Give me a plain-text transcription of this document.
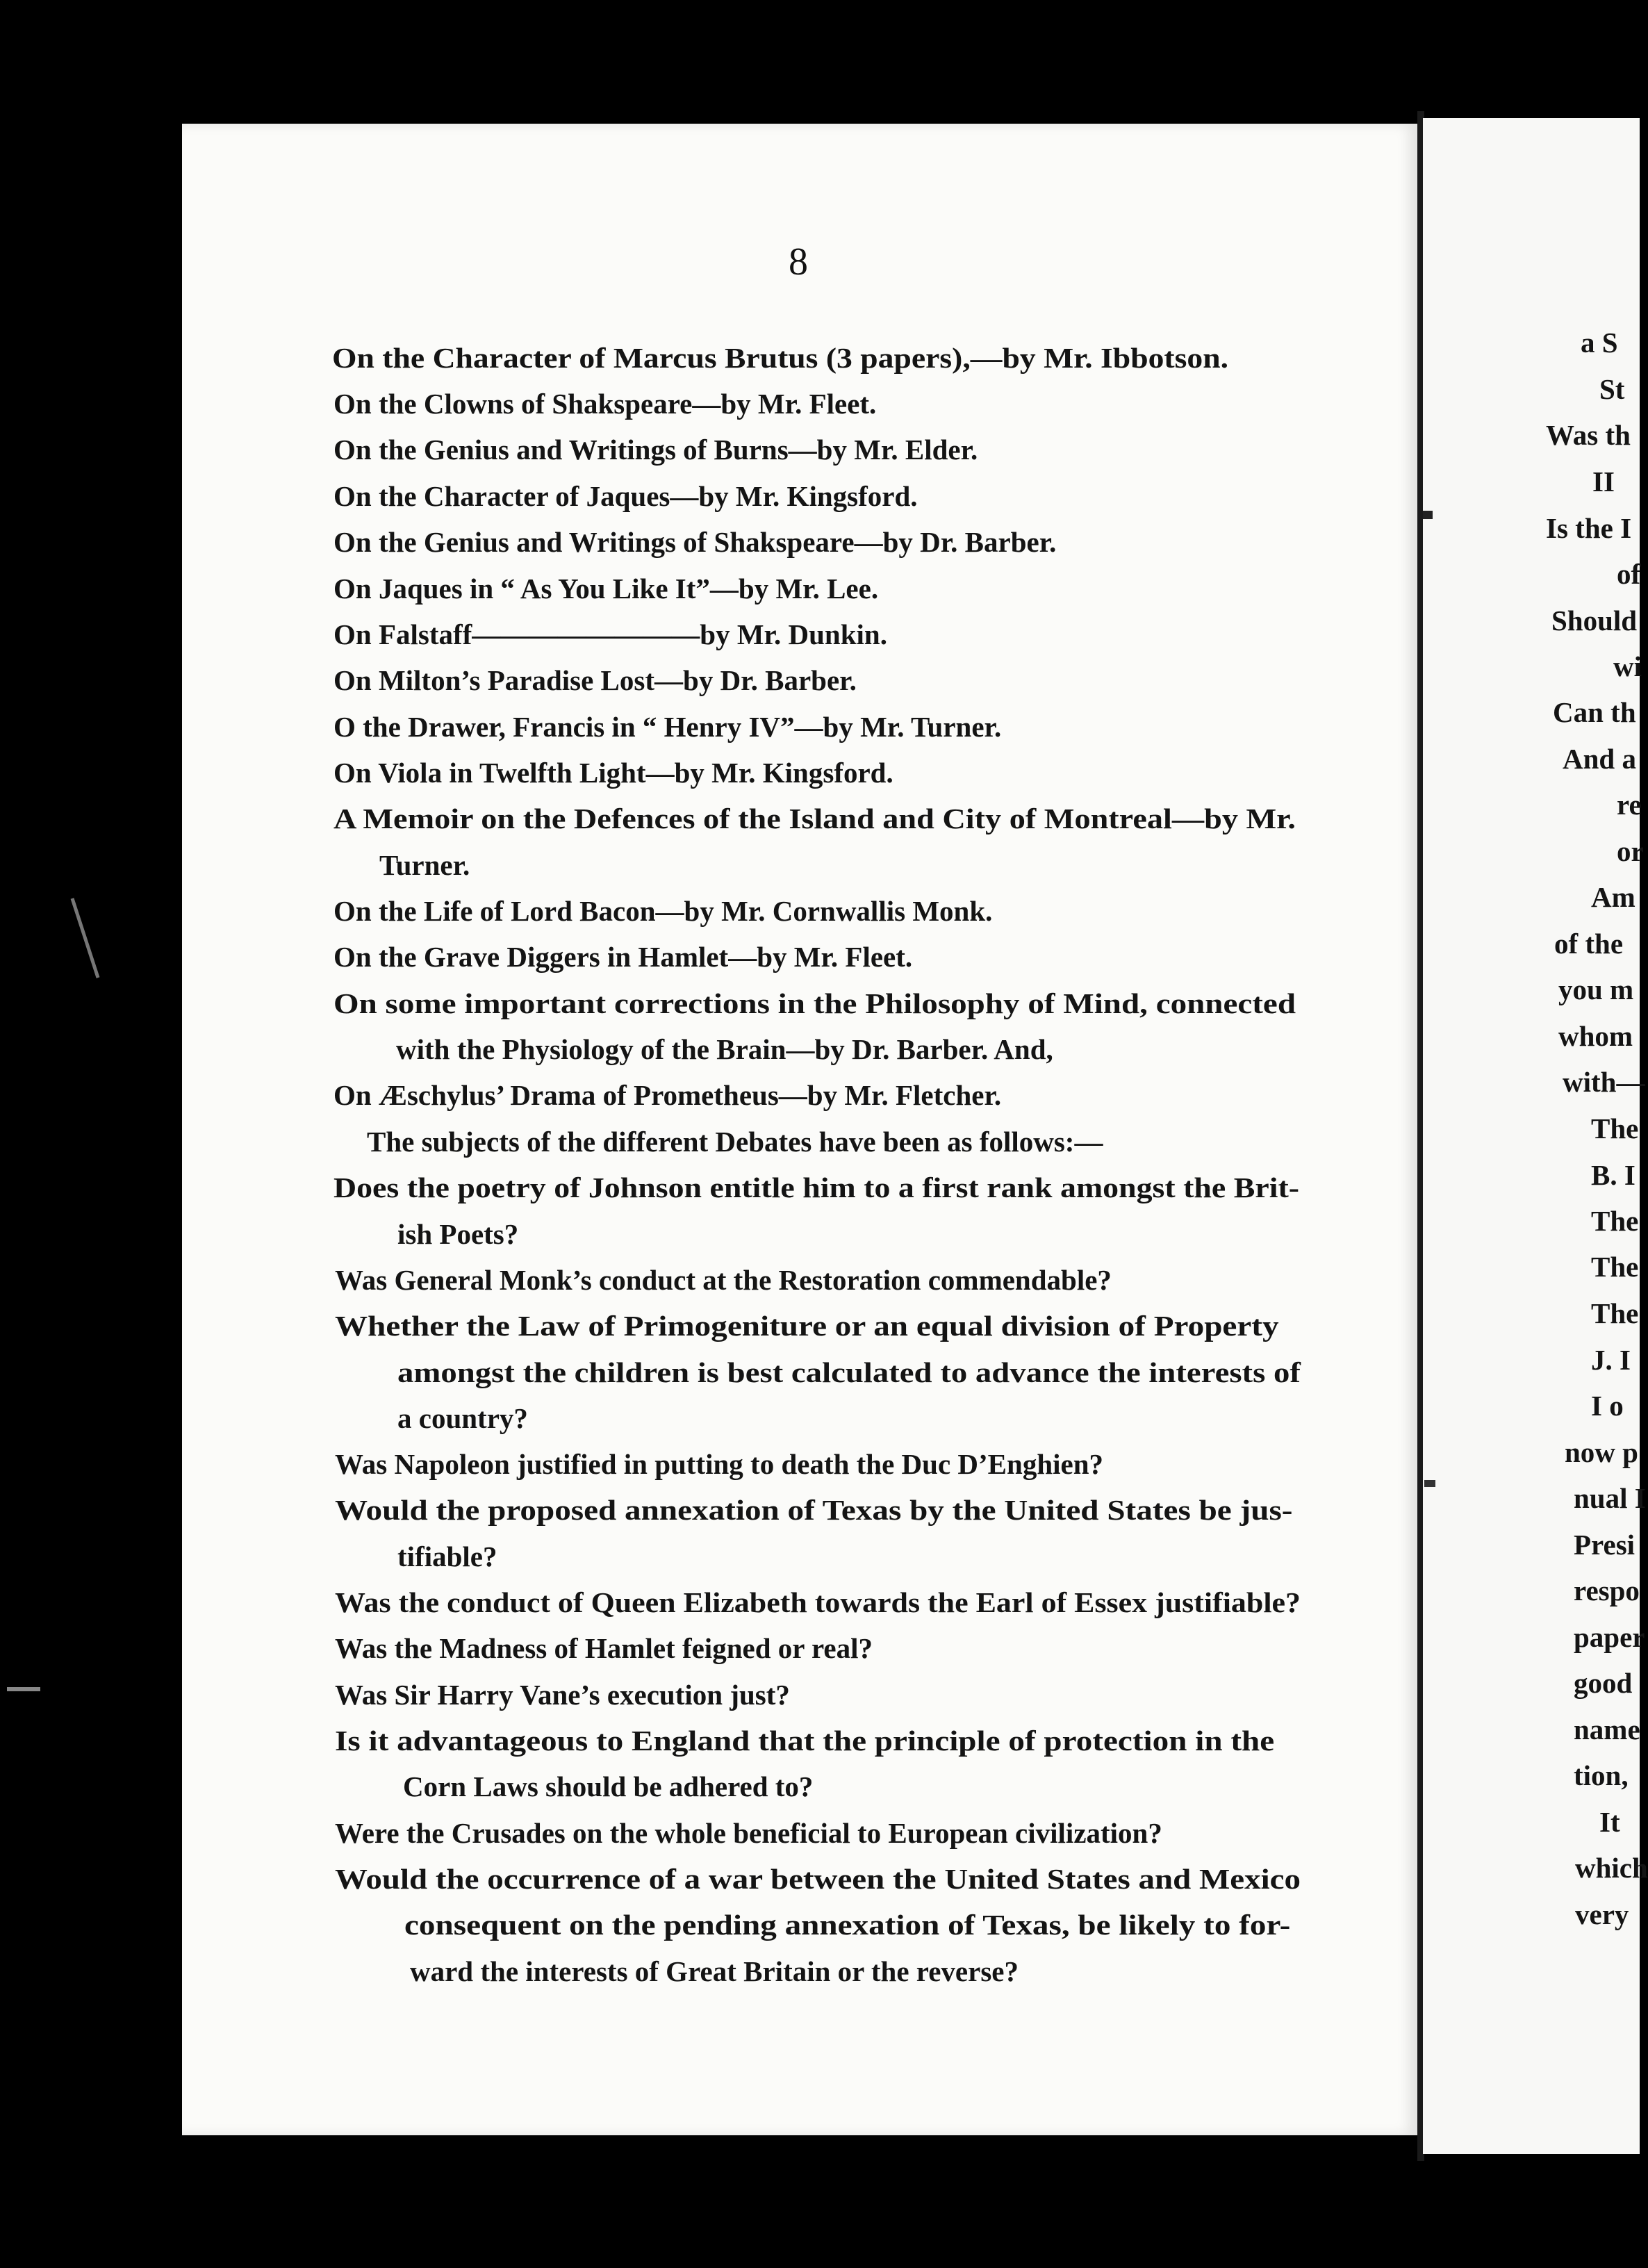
8
On the Character of Marcus Brutus (3 papers),—by Mr. Ibbotson.
On the Clowns of Shakspeare—by Mr. Fleet.
On the Genius and Writings of Burns—by Mr. Elder.
On the Character of Jaques—by Mr. Kingsford.
On the Genius and Writings of Shakspeare—by Dr. Barber.
On Jaques in “ As You Like It”—by Mr. Lee.
On Falstaff————————by Mr. Dunkin.
On Milton’s Paradise Lost—by Dr. Barber.
O the Drawer, Francis in “ Henry IV”—by Mr. Turner.
On Viola in Twelfth Light—by Mr. Kingsford.
A Memoir on the Defences of the Island and City of Montreal—by Mr.
Turner.
On the Life of Lord Bacon—by Mr. Cornwallis Monk.
On the Grave Diggers in Hamlet—by Mr. Fleet.
On some important corrections in the Philosophy of Mind, connected
with the Physiology of the Brain—by Dr. Barber. And,
On Æschylus’ Drama of Prometheus—by Mr. Fletcher.
The subjects of the different Debates have been as follows:—
Does the poetry of Johnson entitle him to a first rank amongst the Brit-
ish Poets?
Was General Monk’s conduct at the Restoration commendable?
Whether the Law of Primogeniture or an equal division of Property
amongst the children is best calculated to advance the interests of
a country?
Was Napoleon justified in putting to death the Duc D’Enghien?
Would the proposed annexation of Texas by the United States be jus-
tifiable?
Was the conduct of Queen Elizabeth towards the Earl of Essex justifiable?
Was the Madness of Hamlet feigned or real?
Was Sir Harry Vane’s execution just?
Is it advantageous to England that the principle of protection in the
Corn Laws should be adhered to?
Were the Crusades on the whole beneficial to European civilization?
Would the occurrence of a war between the United States and Mexico
consequent on the pending annexation of Texas, be likely to for-
ward the interests of Great Britain or the reverse?
a S
St
Was th
II
Is the I
of
Should
wi
Can th
And a
re
or
Am
of the
you m
whom
with—
The
B. I
The
The
The
J. I
I o
now p
nual I
Presi
respo
paper
good
name
tion,
It
which
very
